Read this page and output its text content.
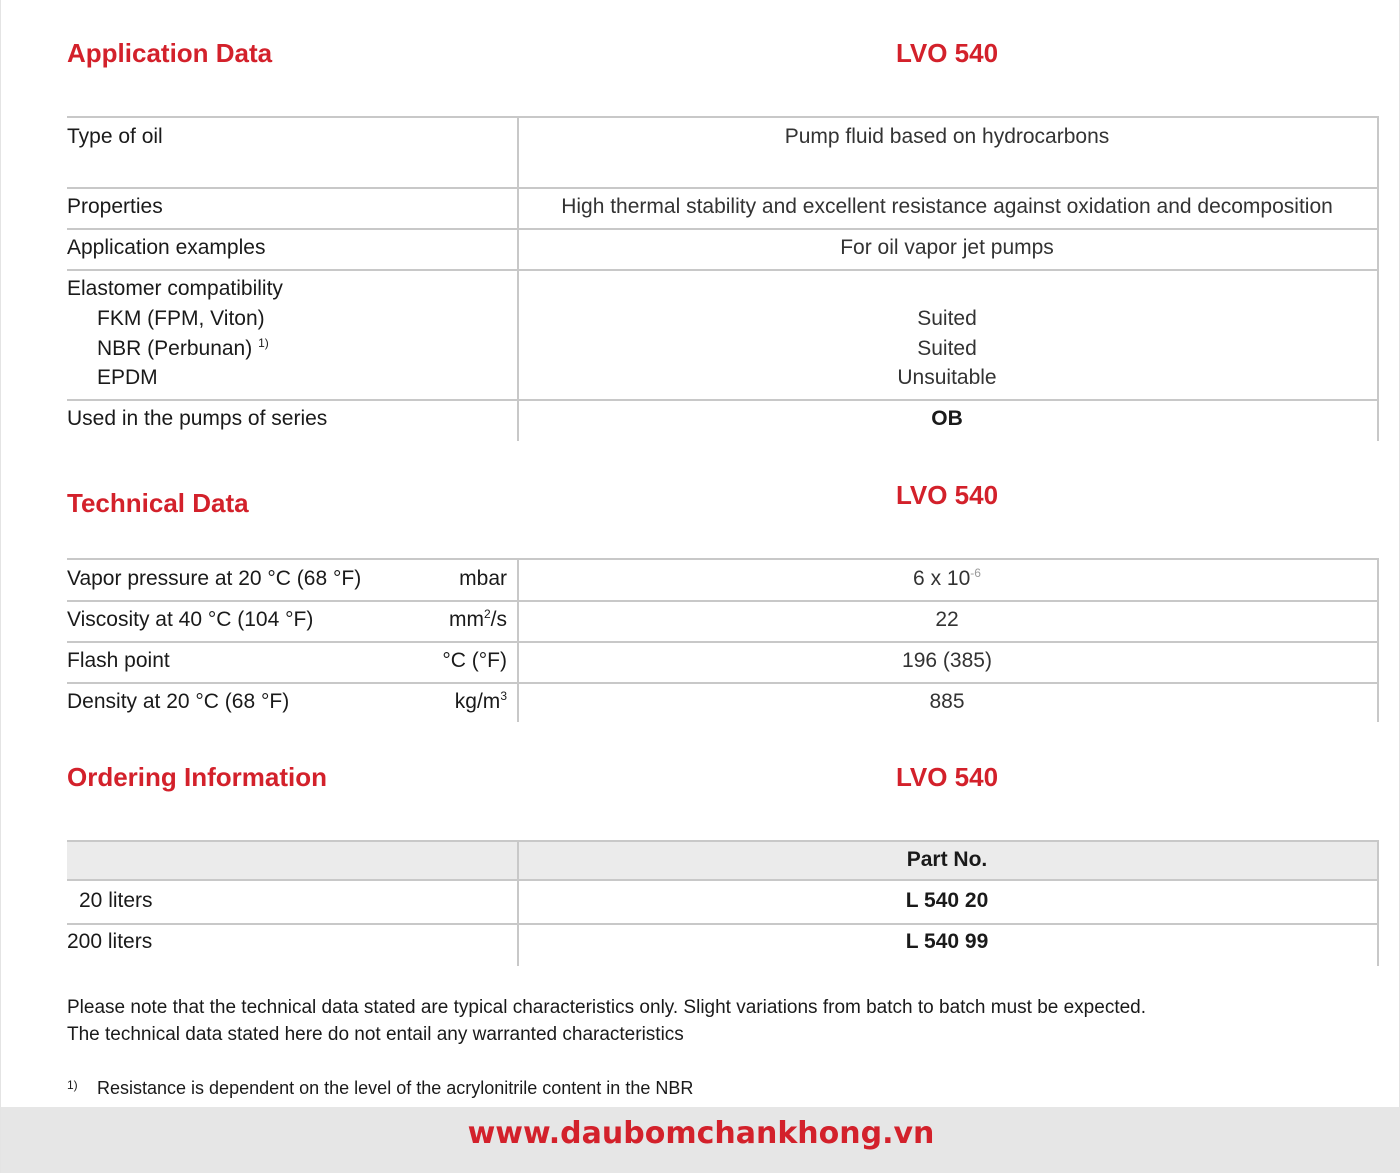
Application Data	LVO 540
Type of oil	Pump fluid based on hydrocarbons
Properties	High thermal stability and excellent resistance against oxidation and decomposition
Application examples	For oil vapor jet pumps
Elastomer compatibility
FKM (FPM, Viton)	Suited
NBR (Perbunan) $^{1)}$	Suited
EPDM	Unsuitable
Used in the pumps of series	OB
Technical Data	LVO 540
Vapor pressure at 20 °C (68 °F)	mbar	6 x $10^{-6}$
Viscosity at 40 °C (104 °F)	$mm^2/s$	22
Flash point	°C (°F)	196 (385)
Density at 20 °C (68 °F)	$kg/m^3$	885
Ordering Information	LVO 540
Part No.
20 liters	L 540 20
200 liters	L 540 99
Please note that the technical data stated are typical characteristics only. Slight variations from batch to batch must be expected.
The technical data stated here do not entail any warranted characteristics
1) Resistance is dependent on the level of the acrylonitrile content in the NBR
www.daubomchankhong.vn
